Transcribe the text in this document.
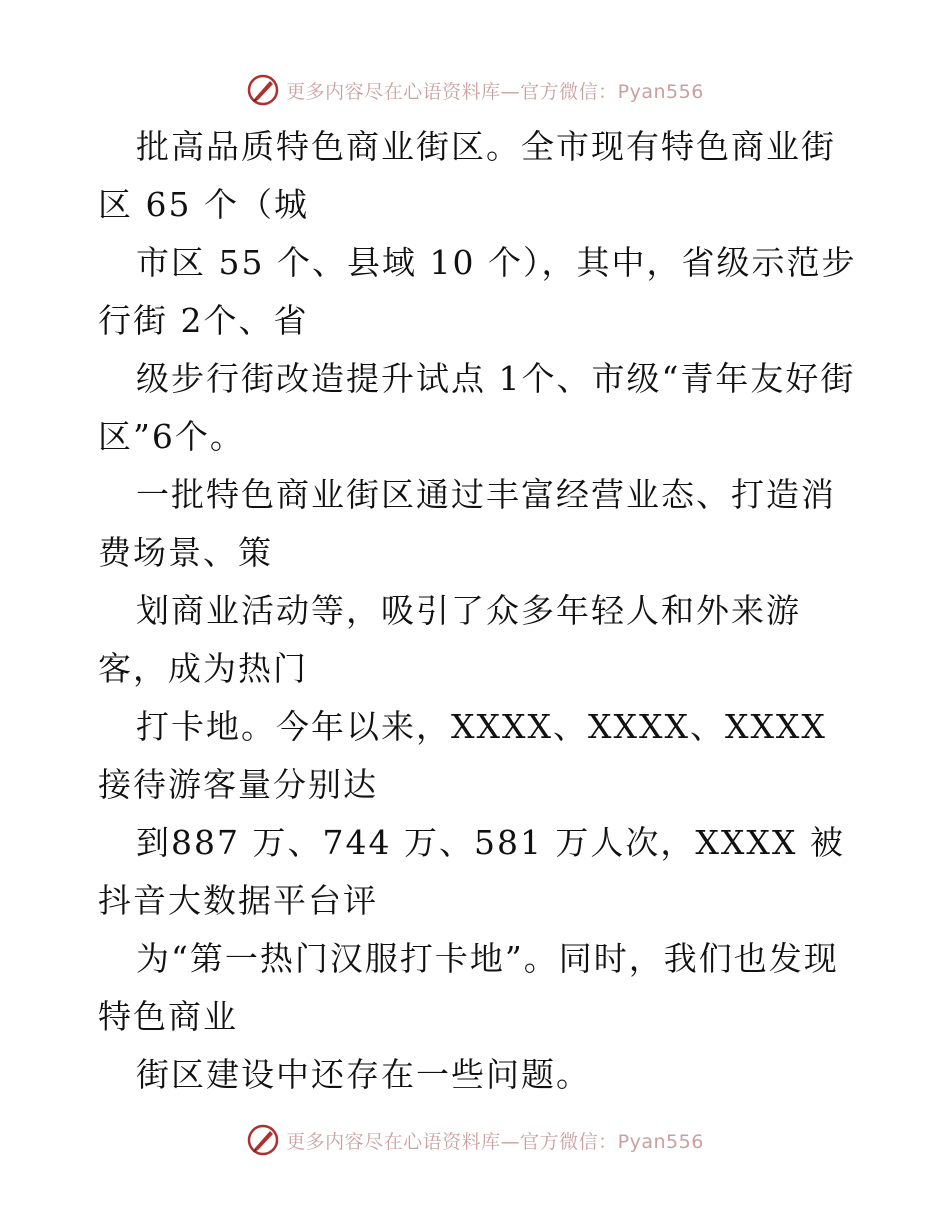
更多内容尽在心语资料库—官方微信：Pyan556

批高品质特色商业街区。全市现有特色商业街区 65 个（城

市区 55 个、县域 10 个），其中，省级示范步行街 2个、省

级步行街改造提升试点 1个、市级“青年友好街区”6个。

一批特色商业街区通过丰富经营业态、打造消费场景、策

划商业活动等，吸引了众多年轻人和外来游客，成为热门

打卡地。今年以来，XXXX、XXXX、XXXX 接待游客量分别达

到887 万、744 万、581 万人次，XXXX 被抖音大数据平台评

为“第一热门汉服打卡地”。同时，我们也发现特色商业

街区建设中还存在一些问题。

更多内容尽在心语资料库—官方微信：Pyan556
